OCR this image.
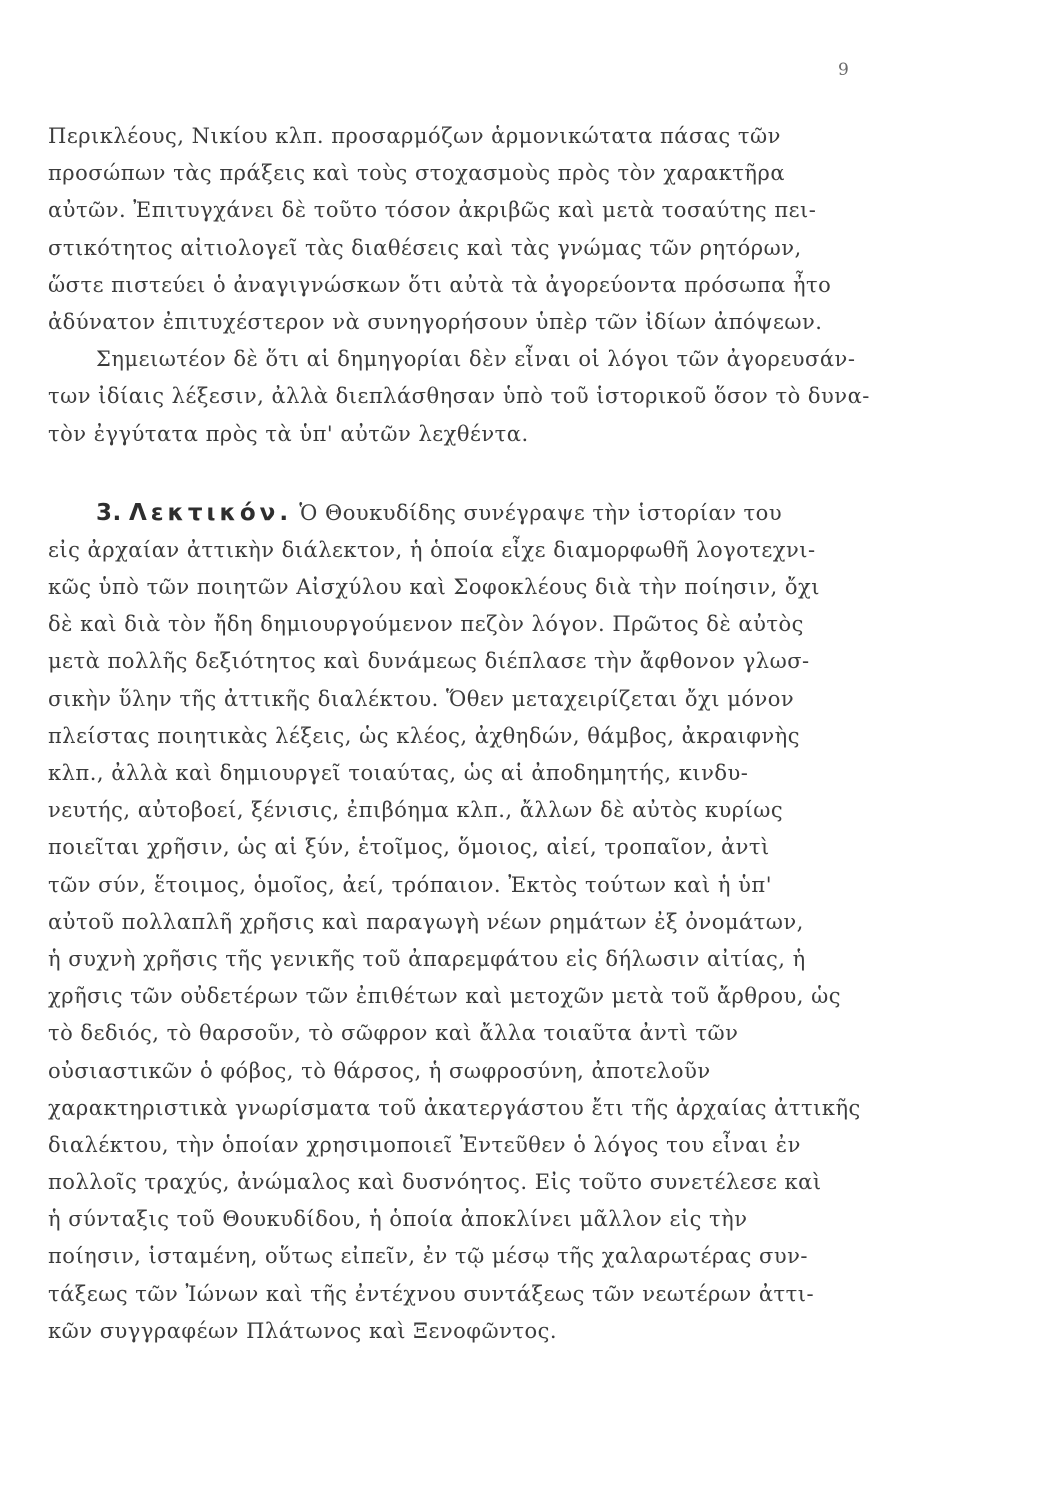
9
Περικλέους, Νικίου κλπ. προσαρμόζων ἁρμονικώτατα πάσας τῶν
προσώπων τὰς πράξεις καὶ τοὺς στοχασμοὺς πρὸς τὸν χαρακτῆρα
αὐτῶν. Ἐπιτυγχάνει δὲ τοῦτο τόσον ἀκριβῶς καὶ μετὰ τοσαύτης πει-
στικότητος αἰτιολογεῖ τὰς διαθέσεις καὶ τὰς γνώμας τῶν ρητόρων,
ὥστε πιστεύει ὁ ἀναγιγνώσκων ὅτι αὐτὰ τὰ ἀγορεύοντα πρόσωπα ἦτο
ἀδύνατον ἐπιτυχέστερον νὰ συνηγορήσουν ὑπὲρ τῶν ἰδίων ἀπόψεων.
Σημειωτέον δὲ ὅτι αἱ δημηγορίαι δὲν εἶναι οἱ λόγοι τῶν ἀγορευσάν-
των ἰδίαις λέξεσιν, ἀλλὰ διεπλάσθησαν ὑπὸ τοῦ ἱστορικοῦ ὅσον τὸ δυνα-
τὸν ἐγγύτατα πρὸς τὰ ὑπ' αὐτῶν λεχθέντα.
3. Λεκτικόν. Ὁ Θουκυδίδης συνέγραψε τὴν ἱστορίαν του
εἰς ἀρχαίαν ἀττικὴν διάλεκτον, ἡ ὁποία εἶχε διαμορφωθῆ λογοτεχνι-
κῶς ὑπὸ τῶν ποιητῶν Αἰσχύλου καὶ Σοφοκλέους διὰ τὴν ποίησιν, ὄχι
δὲ καὶ διὰ τὸν ἤδη δημιουργούμενον πεζὸν λόγον. Πρῶτος δὲ αὐτὸς
μετὰ πολλῆς δεξιότητος καὶ δυνάμεως διέπλασε τὴν ἄφθονον γλωσ-
σικὴν ὕλην τῆς ἀττικῆς διαλέκτου. Ὅθεν μεταχειρίζεται ὄχι μόνον
πλείστας ποιητικὰς λέξεις, ὡς κλέος, ἀχθηδών, θάμβος, ἀκραιφνὴς
κλπ., ἀλλὰ καὶ δημιουργεῖ τοιαύτας, ὡς αἱ ἀποδημητής, κινδυ-
νευτής, αὐτοβοεί, ξένισις, ἐπιβόημα κλπ., ἄλλων δὲ αὐτὸς κυρίως
ποιεῖται χρῆσιν, ὡς αἱ ξύν, ἑτοῖμος, ὅμοιος, αἰεί, τροπαῖον, ἀντὶ
τῶν σύν, ἕτοιμος, ὁμοῖος, ἀεί, τρόπαιον. Ἐκτὸς τούτων καὶ ἡ ὑπ'
αὐτοῦ πολλαπλῆ χρῆσις καὶ παραγωγὴ νέων ρημάτων ἐξ ὀνομάτων,
ἡ συχνὴ χρῆσις τῆς γενικῆς τοῦ ἀπαρεμφάτου εἰς δήλωσιν αἰτίας, ἡ
χρῆσις τῶν οὐδετέρων τῶν ἐπιθέτων καὶ μετοχῶν μετὰ τοῦ ἄρθρου, ὡς
τὸ δεδιός, τὸ θαρσοῦν, τὸ σῶφρον καὶ ἄλλα τοιαῦτα ἀντὶ τῶν
οὐσιαστικῶν ὁ φόβος, τὸ θάρσος, ἡ σωφροσύνη, ἀποτελοῦν
χαρακτηριστικὰ γνωρίσματα τοῦ ἀκατεργάστου ἔτι τῆς ἀρχαίας ἀττικῆς
διαλέκτου, τὴν ὁποίαν χρησιμοποιεῖ Ἐντεῦθεν ὁ λόγος του εἶναι ἐν
πολλοῖς τραχύς, ἀνώμαλος καὶ δυσνόητος. Εἰς τοῦτο συνετέλεσε καὶ
ἡ σύνταξις τοῦ Θουκυδίδου, ἡ ὁποία ἀποκλίνει μᾶλλον εἰς τὴν
ποίησιν, ἱσταμένη, οὕτως εἰπεῖν, ἐν τῷ μέσῳ τῆς χαλαρωτέρας συν-
τάξεως τῶν Ἰώνων καὶ τῆς ἐντέχνου συντάξεως τῶν νεωτέρων ἀττι-
κῶν συγγραφέων Πλάτωνος καὶ Ξενοφῶντος.
